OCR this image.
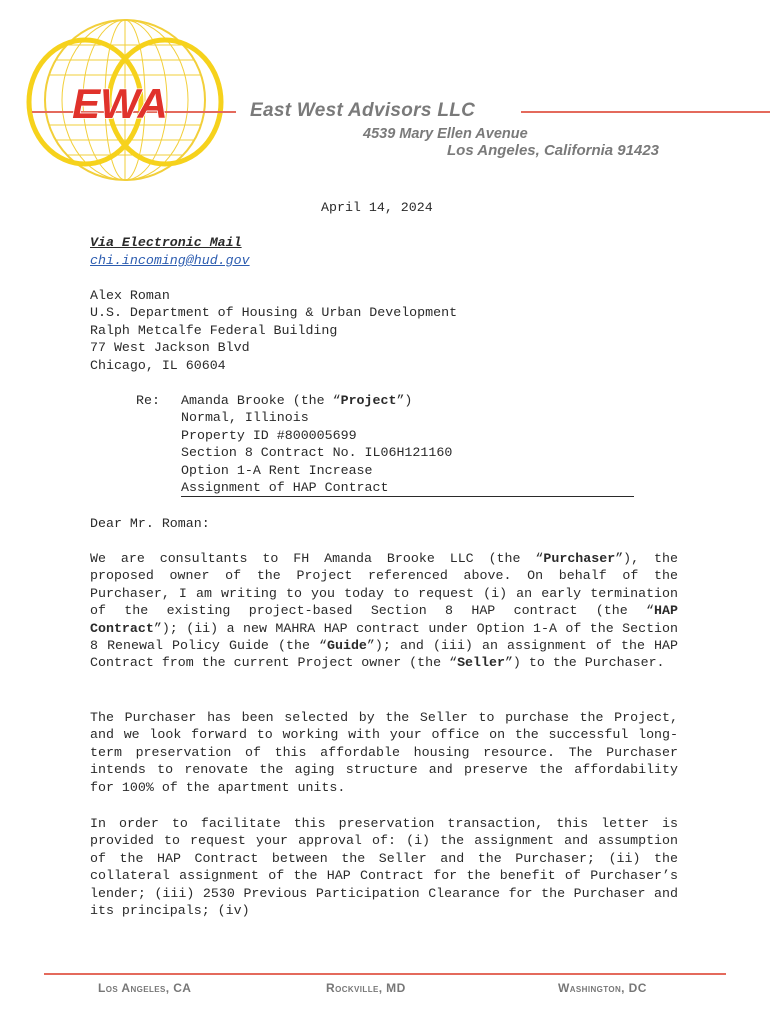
EWA	East West Advisors LLC
4539 Mary Ellen Avenue
Los Angeles, California 91423
April 14, 2024
Via Electronic Mail
chi.incoming@hud.gov
Alex Roman
U.S. Department of Housing & Urban Development
Ralph Metcalfe Federal Building
77 West Jackson Blvd
Chicago, IL 60604
Re: Amanda Brooke (the “Project”)
Normal, Illinois
Property ID #800005699
Section 8 Contract No. IL06H121160
Option 1-A Rent Increase
Assignment of HAP Contract
Dear Mr. Roman:
We are consultants to FH Amanda Brooke LLC (the “Purchaser”), the proposed owner of the Project referenced above. On behalf of the Purchaser, I am writing to you today to request (i) an early termination of the existing project-based Section 8 HAP contract (the “HAP Contract”); (ii) a new MAHRA HAP contract under Option 1-A of the Section 8 Renewal Policy Guide (the “Guide”); and (iii) an assignment of the HAP Contract from the current Project owner (the “Seller”) to the Purchaser.
The Purchaser has been selected by the Seller to purchase the Project, and we look forward to working with your office on the successful long-term preservation of this affordable housing resource. The Purchaser intends to renovate the aging structure and preserve the affordability for 100% of the apartment units.
In order to facilitate this preservation transaction, this letter is provided to request your approval of: (i) the assignment and assumption of the HAP Contract between the Seller and the Purchaser; (ii) the collateral assignment of the HAP Contract for the benefit of Purchaser’s lender; (iii) 2530 Previous Participation Clearance for the Purchaser and its principals; (iv)
Los Angeles, CA	Rockville, MD	Washington, DC
